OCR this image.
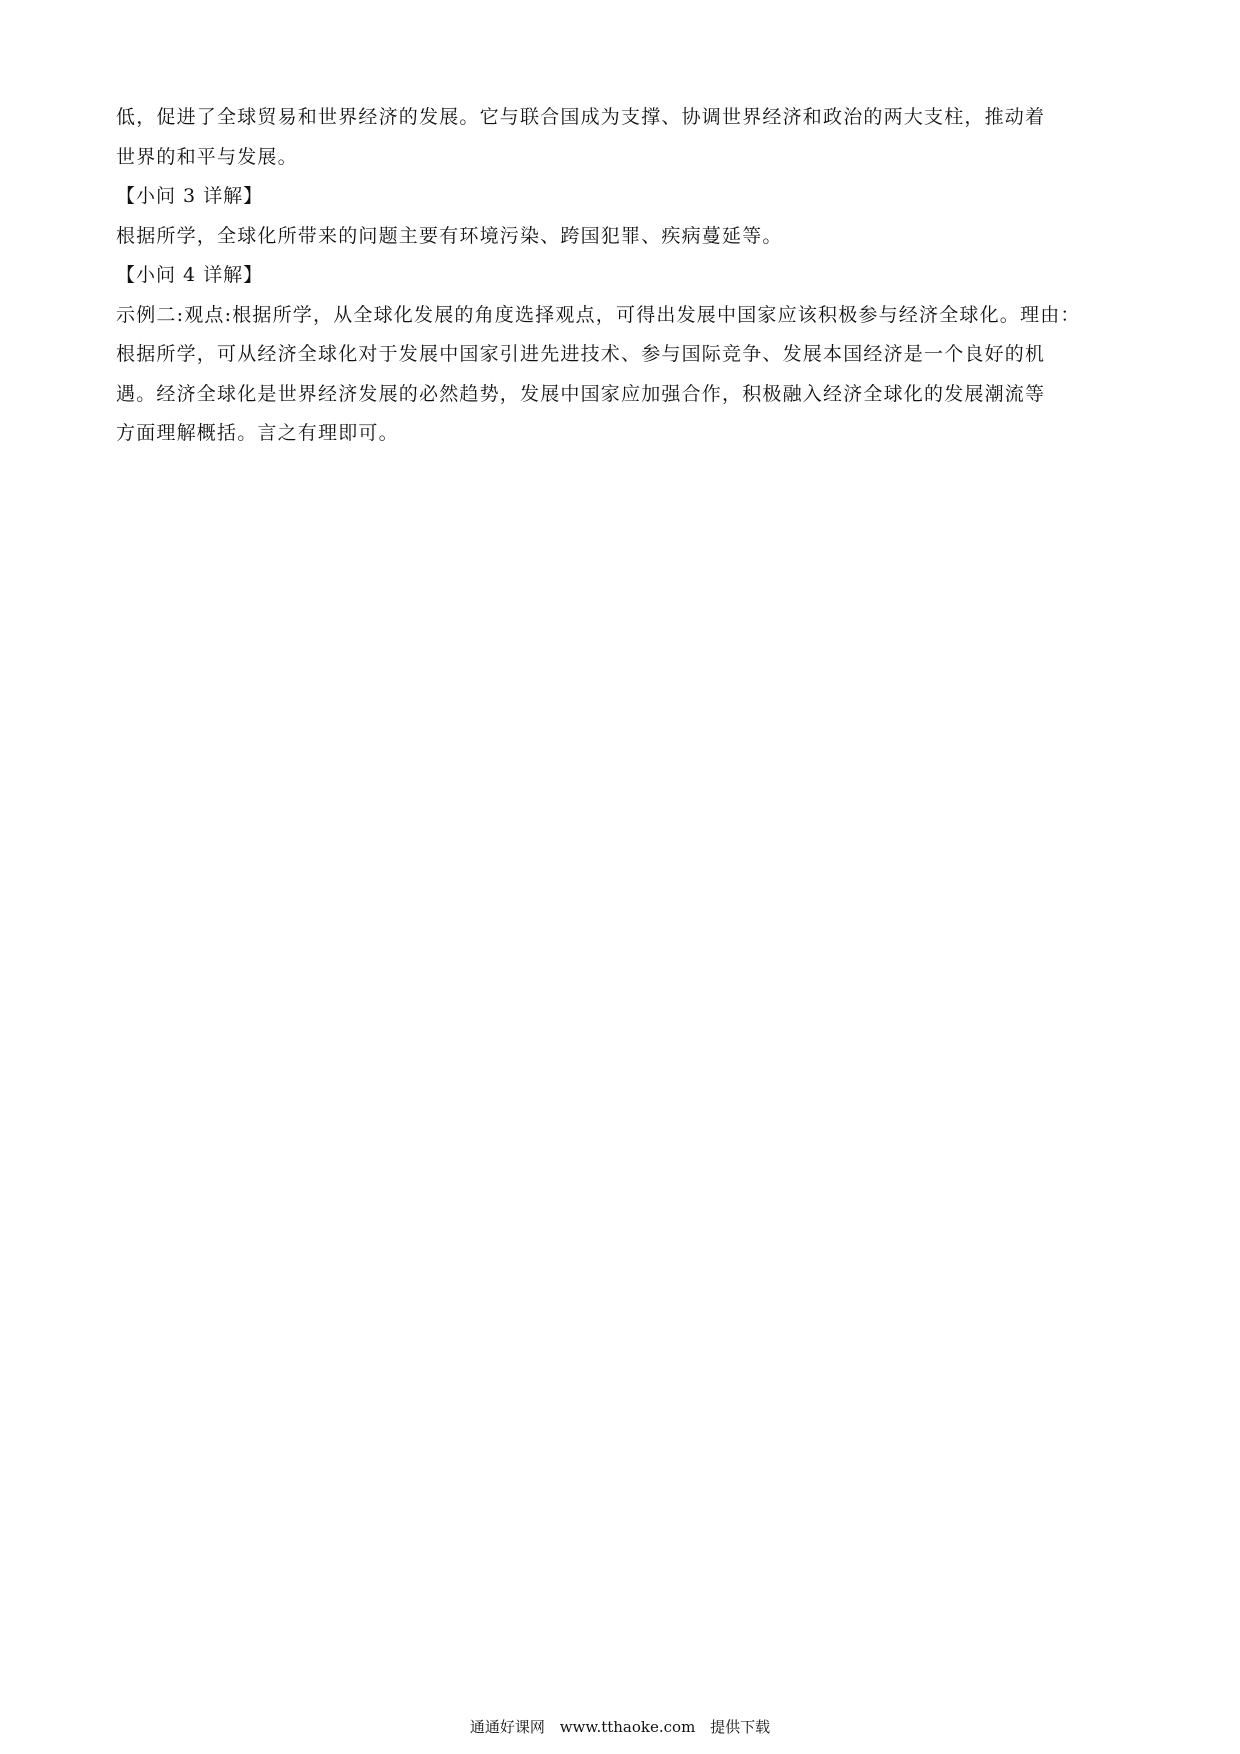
低，促进了全球贸易和世界经济的发展。它与联合国成为支撑、协调世界经济和政治的两大支柱，推动着
世界的和平与发展。

【小问 3 详解】

根据所学，全球化所带来的问题主要有环境污染、跨国犯罪、疾病蔓延等。

【小问 4 详解】

示例二:观点:根据所学，从全球化发展的角度选择观点，可得出发展中国家应该积极参与经济全球化。理由：
根据所学，可从经济全球化对于发展中国家引进先进技术、参与国际竞争、发展本国经济是一个良好的机
遇。经济全球化是世界经济发展的必然趋势，发展中国家应加强合作，积极融入经济全球化的发展潮流等
方面理解概括。言之有理即可。

通通好课网 www.tthaoke.com 提供下载
